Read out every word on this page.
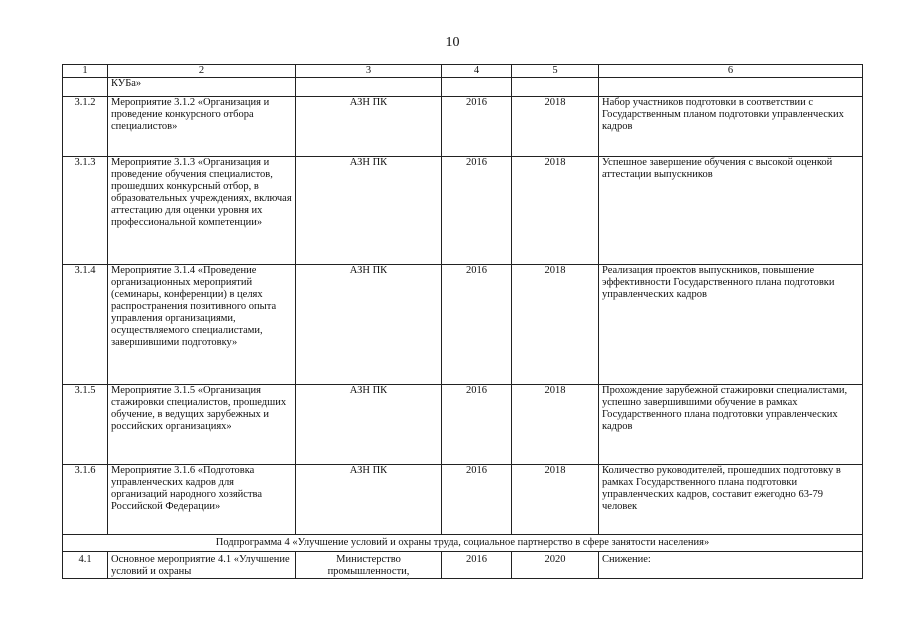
10
1	2	3	4	5	6
	КУБа»				
3.1.2	Мероприятие 3.1.2 «Организация и проведение конкурсного отбора специалистов»	АЗН ПК	2016	2018	Набор участников подготовки в соответствии с Государственным планом подготовки управленческих кадров
3.1.3	Мероприятие 3.1.3 «Организация и проведение обучения специалистов, прошедших конкурсный отбор, в образовательных учреждениях, включая аттестацию для оценки уровня их профессиональной компетенции»	АЗН ПК	2016	2018	Успешное завершение обучения с высокой оценкой аттестации выпускников
3.1.4	Мероприятие 3.1.4 «Проведение организационных мероприятий (семинары, конференции) в целях распространения позитивного опыта управления организациями, осуществляемого специалистами, завершившими подготовку»	АЗН ПК	2016	2018	Реализация проектов выпускников, повышение эффективности Государственного плана подготовки управленческих кадров
3.1.5	Мероприятие 3.1.5 «Организация стажировки специалистов, прошедших обучение, в ведущих зарубежных и российских организациях»	АЗН ПК	2016	2018	Прохождение зарубежной стажировки специалистами, успешно завершившими обучение в рамках Государственного плана подготовки управленческих кадров
3.1.6	Мероприятие 3.1.6 «Подготовка управленческих кадров для организаций народного хозяйства Российской Федерации»	АЗН ПК	2016	2018	Количество руководителей, прошедших подготовку в рамках Государственного плана подготовки управленческих кадров, составит ежегодно 63-79 человек
Подпрограмма 4 «Улучшение условий и охраны труда, социальное партнерство в сфере занятости населения»					
4.1	Основное мероприятие 4.1 «Улучшение условий и охраны	Министерство промышленности,	2016	2020	Снижение:
